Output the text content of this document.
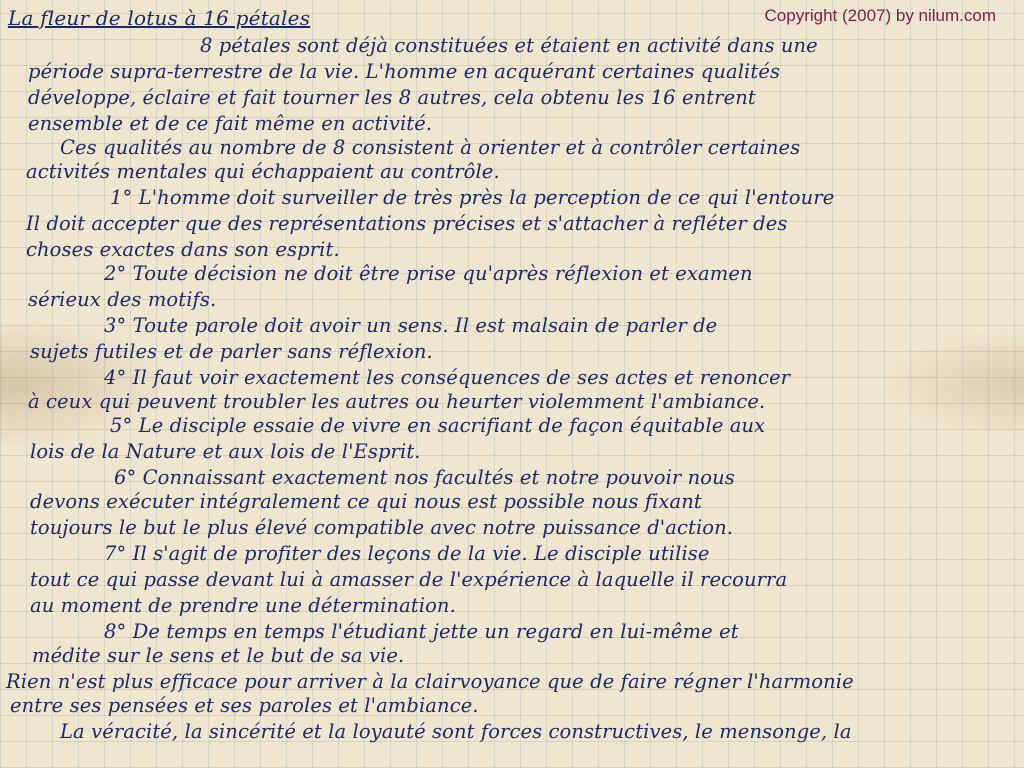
La fleur de lotus à 16 pétales	Copyright (2007) by nilum.com
8 pétales sont déjà constituées et étaient en activité dans une
période supra-terrestre de la vie. L'homme en acquérant certaines qualités
développe, éclaire et fait tourner les 8 autres, cela obtenu les 16 entrent
ensemble et de ce fait même en activité.
Ces qualités au nombre de 8 consistent à orienter et à contrôler certaines
activités mentales qui échappaient au contrôle.
1° L'homme doit surveiller de très près la perception de ce qui l'entoure
Il doit accepter que des représentations précises et s'attacher à refléter des
choses exactes dans son esprit.
2° Toute décision ne doit être prise qu'après réflexion et examen
sérieux des motifs.
3° Toute parole doit avoir un sens. Il est malsain de parler de
sujets futiles et de parler sans réflexion.
4° Il faut voir exactement les conséquences de ses actes et renoncer
à ceux qui peuvent troubler les autres ou heurter violemment l'ambiance.
5° Le disciple essaie de vivre en sacrifiant de façon équitable aux
lois de la Nature et aux lois de l'Esprit.
6° Connaissant exactement nos facultés et notre pouvoir nous
devons exécuter intégralement ce qui nous est possible nous fixant
toujours le but le plus élevé compatible avec notre puissance d'action.
7° Il s'agit de profiter des leçons de la vie. Le disciple utilise
tout ce qui passe devant lui à amasser de l'expérience à laquelle il recourra
au moment de prendre une détermination.
8° De temps en temps l'étudiant jette un regard en lui-même et
médite sur le sens et le but de sa vie.
Rien n'est plus efficace pour arriver à la clairvoyance que de faire régner l'harmonie
entre ses pensées et ses paroles et l'ambiance.
La véracité, la sincérité et la loyauté sont forces constructives, le mensonge, la
